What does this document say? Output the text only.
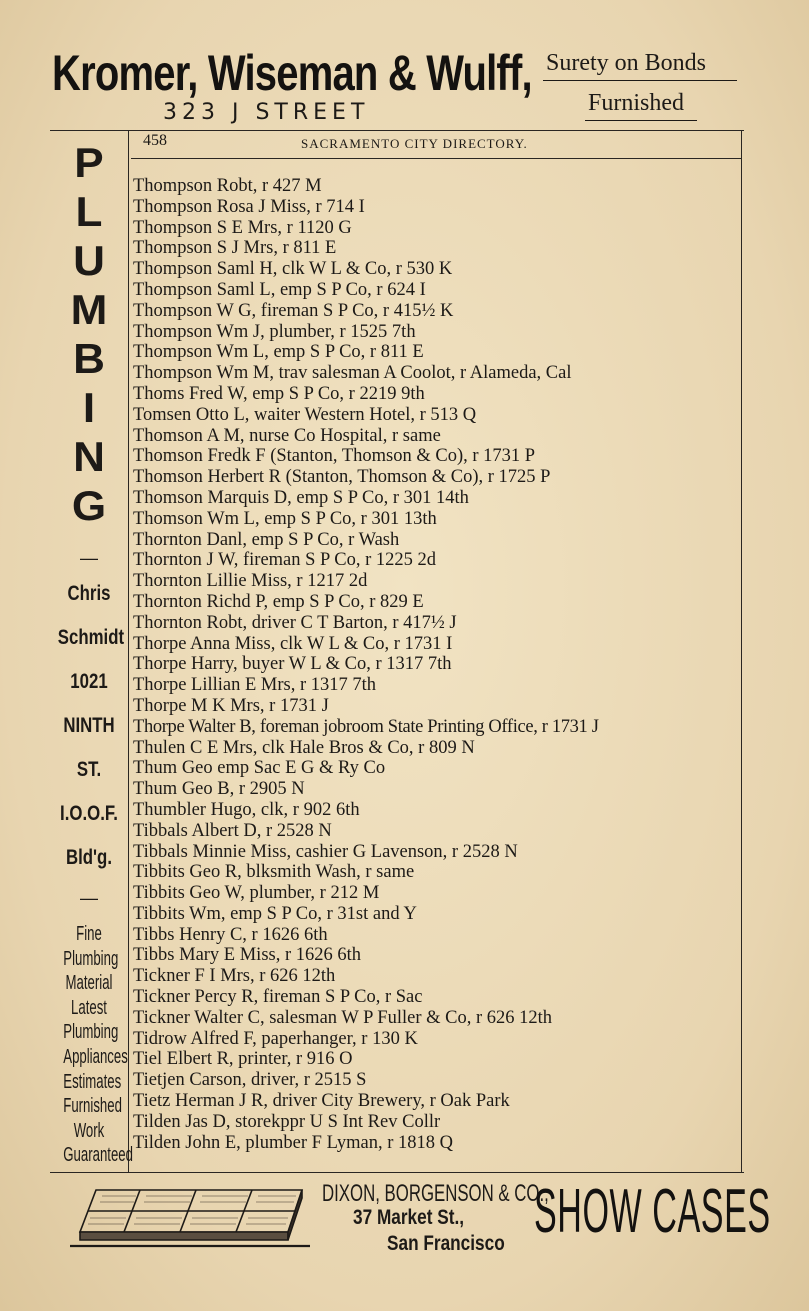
Kromer, Wiseman & Wulff,
323 J STREET
Surety on Bonds
Furnished
458	SACRAMENTO CITY DIRECTORY.
P
L
U
M
B
I
N
G
—
Chris
Schmidt
1021
NINTH
ST.
I.O.O.F.
Bld'g.
—
Fine
Plumbing
Material
Latest
Plumbing
Appliances
Estimates
Furnished
Work
Guaranteed
Thompson Robt, r 427 M
Thompson Rosa J Miss, r 714 I
Thompson S E Mrs, r 1120 G
Thompson S J Mrs, r 811 E
Thompson Saml H, clk W L & Co, r 530 K
Thompson Saml L, emp S P Co, r 624 I
Thompson W G, fireman S P Co, r 415½ K
Thompson Wm J, plumber, r 1525 7th
Thompson Wm L, emp S P Co, r 811 E
Thompson Wm M, trav salesman A Coolot, r Alameda, Cal
Thoms Fred W, emp S P Co, r 2219 9th
Tomsen Otto L, waiter Western Hotel, r 513 Q
Thomson A M, nurse Co Hospital, r same
Thomson Fredk F (Stanton, Thomson & Co), r 1731 P
Thomson Herbert R (Stanton, Thomson & Co), r 1725 P
Thomson Marquis D, emp S P Co, r 301 14th
Thomson Wm L, emp S P Co, r 301 13th
Thornton Danl, emp S P Co, r Wash
Thornton J W, fireman S P Co, r 1225 2d
Thornton Lillie Miss, r 1217 2d
Thornton Richd P, emp S P Co, r 829 E
Thornton Robt, driver C T Barton, r 417½ J
Thorpe Anna Miss, clk W L & Co, r 1731 I
Thorpe Harry, buyer W L & Co, r 1317 7th
Thorpe Lillian E Mrs, r 1317 7th
Thorpe M K Mrs, r 1731 J
Thorpe Walter B, foreman jobroom State Printing Office, r 1731 J
Thulen C E Mrs, clk Hale Bros & Co, r 809 N
Thum Geo emp Sac E G & Ry Co
Thum Geo B, r 2905 N
Thumbler Hugo, clk, r 902 6th
Tibbals Albert D, r 2528 N
Tibbals Minnie Miss, cashier G Lavenson, r 2528 N
Tibbits Geo R, blksmith Wash, r same
Tibbits Geo W, plumber, r 212 M
Tibbits Wm, emp S P Co, r 31st and Y
Tibbs Henry C, r 1626 6th
Tibbs Mary E Miss, r 1626 6th
Tickner F I Mrs, r 626 12th
Tickner Percy R, fireman S P Co, r Sac
Tickner Walter C, salesman W P Fuller & Co, r 626 12th
Tidrow Alfred F, paperhanger, r 130 K
Tiel Elbert R, printer, r 916 O
Tietjen Carson, driver, r 2515 S
Tietz Herman J R, driver City Brewery, r Oak Park
Tilden Jas D, storekppr U S Int Rev Collr
Tilden John E, plumber F Lyman, r 1818 Q
DIXON, BORGENSON & CO.,
37 Market St.,
San Francisco SHOW CASES
